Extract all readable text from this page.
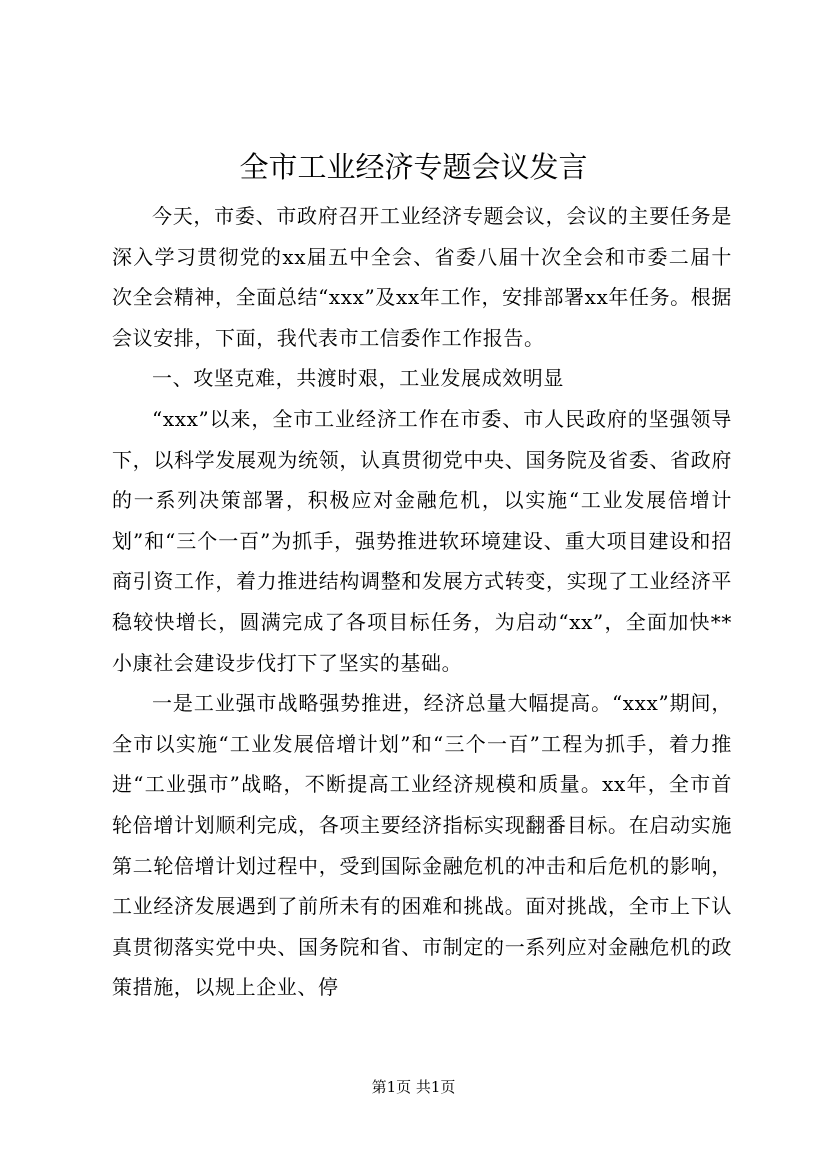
全市工业经济专题会议发言

今天，市委、市政府召开工业经济专题会议，会议的主要任务是深入学习贯彻党的xx届五中全会、省委八届十次全会和市委二届十次全会精神，全面总结“xxx”及xx年工作，安排部署xx年任务。根据会议安排，下面，我代表市工信委作工作报告。

一、攻坚克难，共渡时艰，工业发展成效明显

“xxx”以来，全市工业经济工作在市委、市人民政府的坚强领导下，以科学发展观为统领，认真贯彻党中央、国务院及省委、省政府的一系列决策部署，积极应对金融危机，以实施“工业发展倍增计划”和“三个一百”为抓手，强势推进软环境建设、重大项目建设和招商引资工作，着力推进结构调整和发展方式转变，实现了工业经济平稳较快增长，圆满完成了各项目标任务，为启动“xx”，全面加快**小康社会建设步伐打下了坚实的基础。

一是工业强市战略强势推进，经济总量大幅提高。“xxx”期间，全市以实施“工业发展倍增计划”和“三个一百”工程为抓手，着力推进“工业强市”战略，不断提高工业经济规模和质量。xx年，全市首轮倍增计划顺利完成，各项主要经济指标实现翻番目标。在启动实施第二轮倍增计划过程中，受到国际金融危机的冲击和后危机的影响，工业经济发展遇到了前所未有的困难和挑战。面对挑战，全市上下认真贯彻落实党中央、国务院和省、市制定的一系列应对金融危机的政策措施，以规上企业、停

第1页 共1页
